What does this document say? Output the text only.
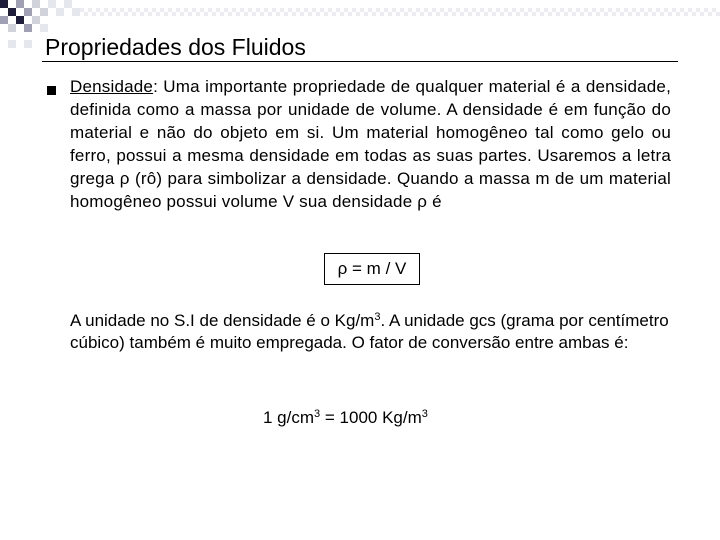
Propriedades dos Fluidos
Densidade: Uma importante propriedade de qualquer material é a densidade, definida como a massa por unidade de volume. A densidade é em função do material e não do objeto em si. Um material homogêneo tal como gelo ou ferro, possui a mesma densidade em todas as suas partes. Usaremos a letra grega ρ (rô) para simbolizar a densidade. Quando a massa m de um material homogêneo possui volume V sua densidade ρ é
ρ = m / V
A unidade no S.I de densidade é o $Kg/m^3$. A unidade gcs (grama por centímetro cúbico) também é muito empregada. O fator de conversão entre ambas é:
1 $g/cm^3 = 1000$ $Kg/m^3$
